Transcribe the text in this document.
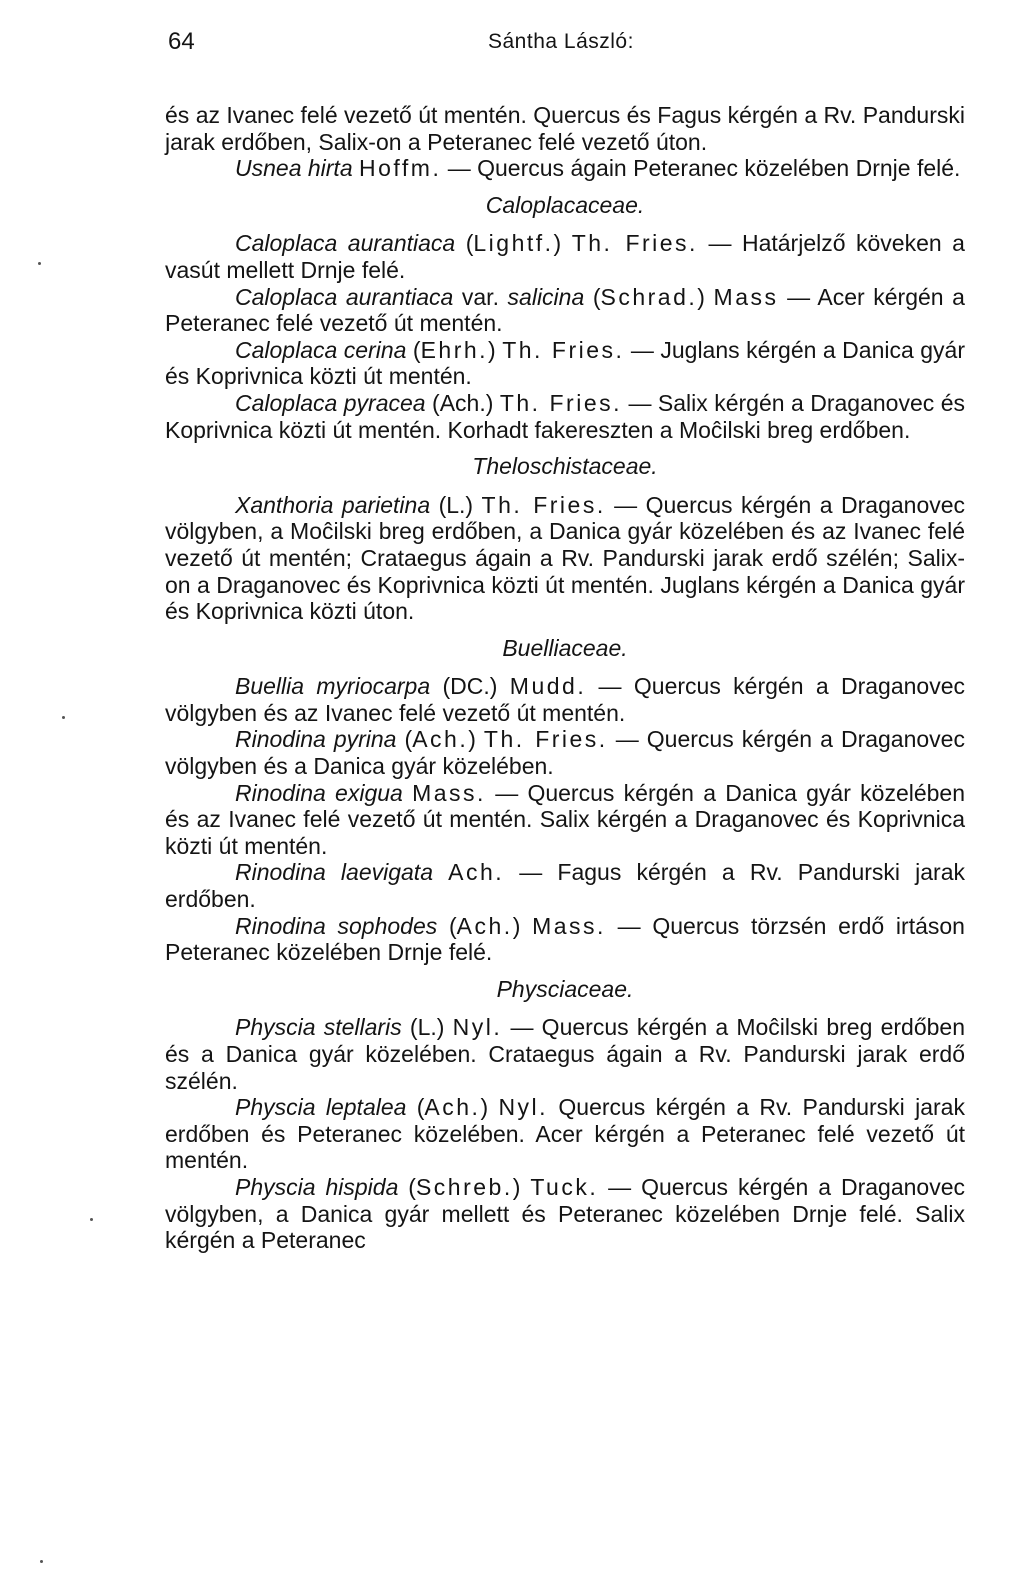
64	Sántha László:

és az Ivanec felé vezető út mentén. Quercus és Fagus kérgén a Rv. Pandurski jarak erdőben, Salix-on a Peteranec felé vezető úton.

Usnea hirta Hoffm. — Quercus ágain Peteranec közelében Drnje felé.

Caloplacaceae.

Caloplaca aurantiaca (Lightf.) Th. Fries. — Határjelző köveken a vasút mellett Drnje felé.

Caloplaca aurantiaca var. salicina (Schrad.) Mass — Acer kérgén a Peteranec felé vezető út mentén.

Caloplaca cerina (Ehrh.) Th. Fries. — Juglans kérgén a Danica gyár és Koprivnica közti út mentén.

Caloplaca pyracea (Ach.) Th. Fries. — Salix kérgén a Draganovec és Koprivnica közti út mentén. Korhadt fakereszten a Moĉilski breg erdőben.

Theloschistaceae.

Xanthoria parietina (L.) Th. Fries. — Quercus kérgén a Draganovec völgyben, a Moĉilski breg erdőben, a Danica gyár közelében és az Ivanec felé vezető út mentén; Crataegus ágain a Rv. Pandurski jarak erdő szélén; Salix-on a Draganovec és Koprivnica közti út mentén. Juglans kérgén a Danica gyár és Koprivnica közti úton.

Buelliaceae.

Buellia myriocarpa (DC.) Mudd. — Quercus kérgén a Draganovec völgyben és az Ivanec felé vezető út mentén.

Rinodina pyrina (Ach.) Th. Fries. — Quercus kérgén a Draganovec völgyben és a Danica gyár közelében.

Rinodina exigua Mass. — Quercus kérgén a Danica gyár közelében és az Ivanec felé vezető út mentén. Salix kérgén a Draganovec és Koprivnica közti út mentén.

Rinodina laevigata Ach. — Fagus kérgén a Rv. Pandurski jarak erdőben.

Rinodina sophodes (Ach.) Mass. — Quercus törzsén erdő irtáson Peteranec közelében Drnje felé.

Physciaceae.

Physcia stellaris (L.) Nyl. — Quercus kérgén a Moĉilski breg erdőben és a Danica gyár közelében. Crataegus ágain a Rv. Pandurski jarak erdő szélén.

Physcia leptalea (Ach.) Nyl. Quercus kérgén a Rv. Pandurski jarak erdőben és Peteranec közelében. Acer kérgén a Peteranec felé vezető út mentén.

Physcia hispida (Schreb.) Tuck. — Quercus kérgén a Draganovec völgyben, a Danica gyár mellett és Peteranec közelében Drnje felé. Salix kérgén a Peteranec
